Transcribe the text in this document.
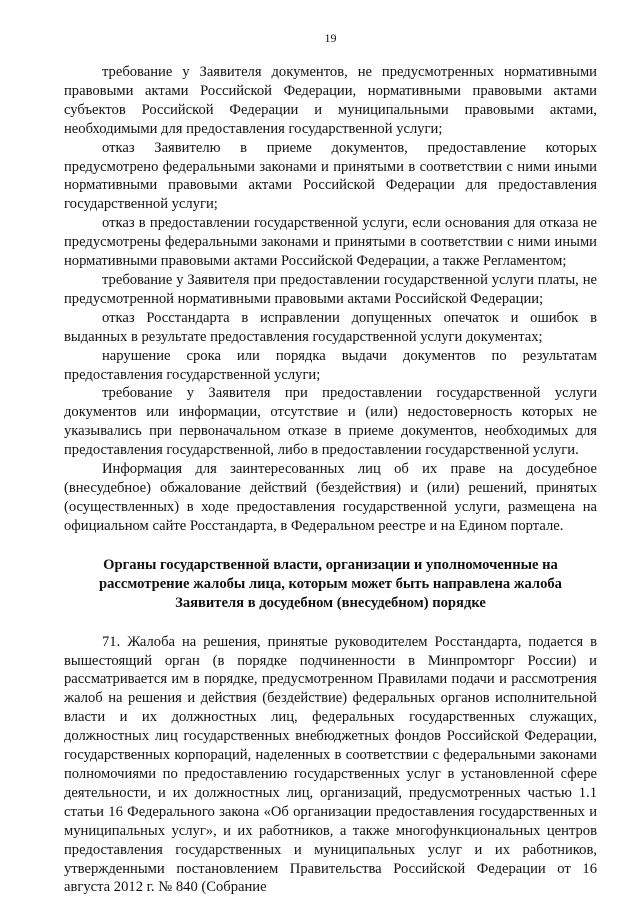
19

требование у Заявителя документов, не предусмотренных нормативными правовыми актами Российской Федерации, нормативными правовыми актами субъектов Российской Федерации и муниципальными правовыми актами, необходимыми для предоставления государственной услуги;

отказ Заявителю в приеме документов, предоставление которых предусмотрено федеральными законами и принятыми в соответствии с ними иными нормативными правовыми актами Российской Федерации для предоставления государственной услуги;

отказ в предоставлении государственной услуги, если основания для отказа не предусмотрены федеральными законами и принятыми в соответствии с ними иными нормативными правовыми актами Российской Федерации, а также Регламентом;

требование у Заявителя при предоставлении государственной услуги платы, не предусмотренной нормативными правовыми актами Российской Федерации;

отказ Росстандарта в исправлении допущенных опечаток и ошибок в выданных в результате предоставления государственной услуги документах;

нарушение срока или порядка выдачи документов по результатам предоставления государственной услуги;

требование у Заявителя при предоставлении государственной услуги документов или информации, отсутствие и (или) недостоверность которых не указывались при первоначальном отказе в приеме документов, необходимых для предоставления государственной, либо в предоставлении государственной услуги.

Информация для заинтересованных лиц об их праве на досудебное (внесудебное) обжалование действий (бездействия) и (или) решений, принятых (осуществленных) в ходе предоставления государственной услуги, размещена на официальном сайте Росстандарта, в Федеральном реестре и на Едином портале.

Органы государственной власти, организации и уполномоченные на рассмотрение жалобы лица, которым может быть направлена жалоба Заявителя в досудебном (внесудебном) порядке

71. Жалоба на решения, принятые руководителем Росстандарта, подается в вышестоящий орган (в порядке подчиненности в Минпромторг России) и рассматривается им в порядке, предусмотренном Правилами подачи и рассмотрения жалоб на решения и действия (бездействие) федеральных органов исполнительной власти и их должностных лиц, федеральных государственных служащих, должностных лиц государственных внебюджетных фондов Российской Федерации, государственных корпораций, наделенных в соответствии с федеральными законами полномочиями по предоставлению государственных услуг в установленной сфере деятельности, и их должностных лиц, организаций, предусмотренных частью 1.1 статьи 16 Федерального закона «Об организации предоставления государственных и муниципальных услуг», и их работников, а также многофункциональных центров предоставления государственных и муниципальных услуг и их работников, утвержденными постановлением Правительства Российской Федерации от 16 августа 2012 г. № 840 (Собрание
